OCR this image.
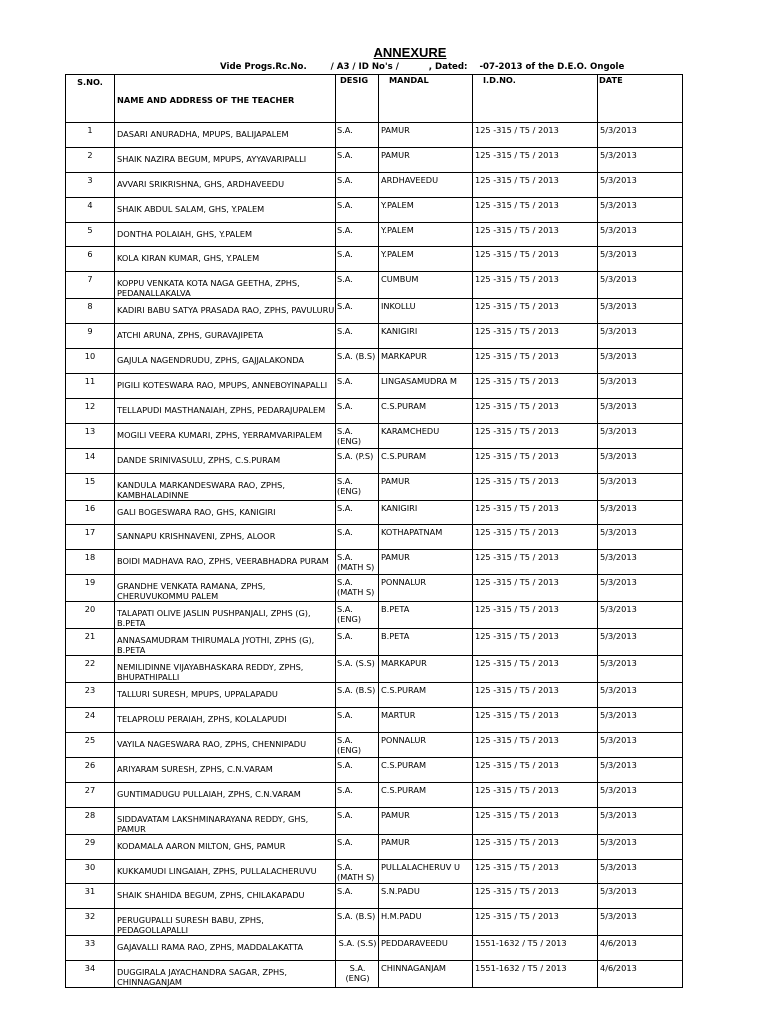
ANNEXURE
Vide Progs.Rc.No.        / A3 / ID No's /          , Dated:    -07-2013 of the D.E.O. Ongole
S.NO.	NAME AND ADDRESS OF THE TEACHER	DESIG	MANDAL	I.D.NO.	DATE
1	DASARI ANURADHA, MPUPS, BALIJAPALEM	S.A.	PAMUR	125 -315 / T5 / 2013	5/3/2013
2	SHAIK NAZIRA BEGUM, MPUPS, AYYAVARIPALLI	S.A.	PAMUR	125 -315 / T5 / 2013	5/3/2013
3	AVVARI SRIKRISHNA, GHS, ARDHAVEEDU	S.A.	ARDHAVEEDU	125 -315 / T5 / 2013	5/3/2013
4	SHAIK ABDUL SALAM, GHS, Y.PALEM	S.A.	Y.PALEM	125 -315 / T5 / 2013	5/3/2013
5	DONTHA POLAIAH, GHS, Y.PALEM	S.A.	Y.PALEM	125 -315 / T5 / 2013	5/3/2013
6	KOLA KIRAN KUMAR, GHS, Y.PALEM	S.A.	Y.PALEM	125 -315 / T5 / 2013	5/3/2013
7	KOPPU VENKATA KOTA NAGA GEETHA, ZPHS, PEDANALLAKALVA	S.A.	CUMBUM	125 -315 / T5 / 2013	5/3/2013
8	KADIRI BABU SATYA PRASADA RAO, ZPHS, PAVULURU	S.A.	INKOLLU	125 -315 / T5 / 2013	5/3/2013
9	ATCHI ARUNA, ZPHS, GURAVAJIPETA	S.A.	KANIGIRI	125 -315 / T5 / 2013	5/3/2013
10	GAJULA NAGENDRUDU, ZPHS, GAJJALAKONDA	S.A. (B.S)	MARKAPUR	125 -315 / T5 / 2013	5/3/2013
11	PIGILI KOTESWARA RAO, MPUPS, ANNEBOYINAPALLI	S.A.	LINGASAMUDRA M	125 -315 / T5 / 2013	5/3/2013
12	TELLAPUDI MASTHANAIAH, ZPHS, PEDARAJUPALEM	S.A.	C.S.PURAM	125 -315 / T5 / 2013	5/3/2013
13	MOGILI VEERA KUMARI, ZPHS, YERRAMVARIPALEM	S.A. (ENG)	KARAMCHEDU	125 -315 / T5 / 2013	5/3/2013
14	DANDE SRINIVASULU, ZPHS, C.S.PURAM	S.A. (P.S)	C.S.PURAM	125 -315 / T5 / 2013	5/3/2013
15	KANDULA MARKANDESWARA RAO, ZPHS, KAMBHALADINNE	S.A. (ENG)	PAMUR	125 -315 / T5 / 2013	5/3/2013
16	GALI BOGESWARA RAO, GHS, KANIGIRI	S.A.	KANIGIRI	125 -315 / T5 / 2013	5/3/2013
17	SANNAPU KRISHNAVENI, ZPHS, ALOOR	S.A.	KOTHAPATNAM	125 -315 / T5 / 2013	5/3/2013
18	BOIDI MADHAVA RAO, ZPHS, VEERABHADRA PURAM	S.A. (MATH S)	PAMUR	125 -315 / T5 / 2013	5/3/2013
19	GRANDHE VENKATA RAMANA, ZPHS, CHERUVUKOMMU PALEM	S.A. (MATH S)	PONNALUR	125 -315 / T5 / 2013	5/3/2013
20	TALAPATI OLIVE JASLIN PUSHPANJALI, ZPHS (G), B.PETA	S.A. (ENG)	B.PETA	125 -315 / T5 / 2013	5/3/2013
21	ANNASAMUDRAM THIRUMALA JYOTHI, ZPHS (G), B.PETA	S.A.	B.PETA	125 -315 / T5 / 2013	5/3/2013
22	NEMILIDINNE VIJAYABHASKARA REDDY, ZPHS, BHUPATHIPALLI	S.A. (S.S)	MARKAPUR	125 -315 / T5 / 2013	5/3/2013
23	TALLURI SURESH, MPUPS, UPPALAPADU	S.A. (B.S)	C.S.PURAM	125 -315 / T5 / 2013	5/3/2013
24	TELAPROLU PERAIAH, ZPHS, KOLALAPUDI	S.A.	MARTUR	125 -315 / T5 / 2013	5/3/2013
25	VAYILA NAGESWARA RAO, ZPHS, CHENNIPADU	S.A. (ENG)	PONNALUR	125 -315 / T5 / 2013	5/3/2013
26	ARIYARAM SURESH, ZPHS, C.N.VARAM	S.A.	C.S.PURAM	125 -315 / T5 / 2013	5/3/2013
27	GUNTIMADUGU PULLAIAH, ZPHS, C.N.VARAM	S.A.	C.S.PURAM	125 -315 / T5 / 2013	5/3/2013
28	SIDDAVATAM LAKSHMINARAYANA REDDY, GHS, PAMUR	S.A.	PAMUR	125 -315 / T5 / 2013	5/3/2013
29	KODAMALA AARON MILTON, GHS, PAMUR	S.A.	PAMUR	125 -315 / T5 / 2013	5/3/2013
30	KUKKAMUDI LINGAIAH, ZPHS, PULLALACHERUVU	S.A. (MATH S)	PULLALACHERUV U	125 -315 / T5 / 2013	5/3/2013
31	SHAIK SHAHIDA BEGUM, ZPHS, CHILAKAPADU	S.A.	S.N.PADU	125 -315 / T5 / 2013	5/3/2013
32	PERUGUPALLI SURESH BABU, ZPHS, PEDAGOLLAPALLI	S.A. (B.S)	H.M.PADU	125 -315 / T5 / 2013	5/3/2013
33	GAJAVALLI RAMA RAO, ZPHS, MADDALAKATTA	S.A. (S.S)	PEDDARAVEEDU	1551-1632 / T5 / 2013	4/6/2013
34	DUGGIRALA JAYACHANDRA SAGAR, ZPHS, CHINNAGANJAM	S.A. (ENG)	CHINNAGANJAM	1551-1632 / T5 / 2013	4/6/2013
